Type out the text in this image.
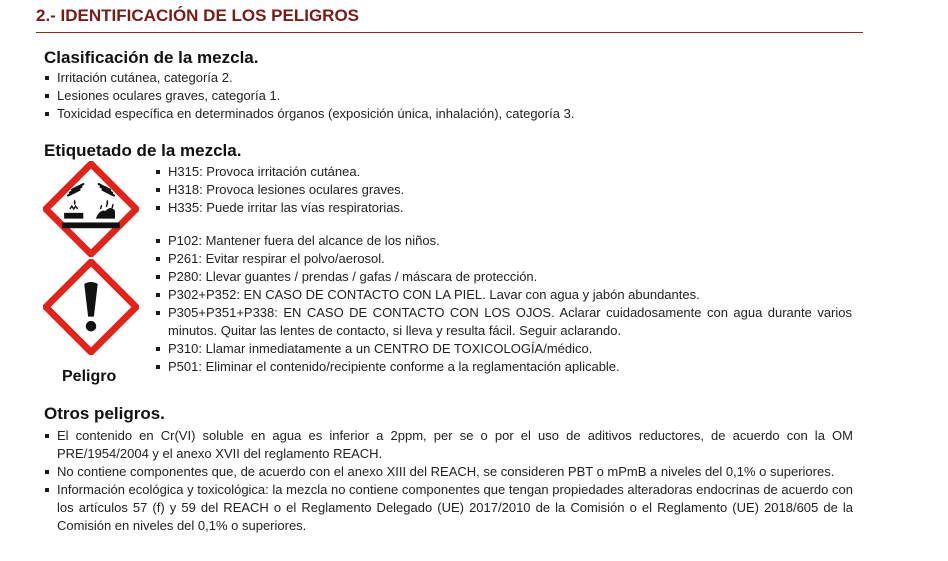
2.- IDENTIFICACIÓN DE LOS PELIGROS
Clasificación de la mezcla.
Irritación cutánea, categoría 2.
Lesiones oculares graves, categoría 1.
Toxicidad específica en determinados órganos (exposición única, inhalación), categoría 3.
Etiquetado de la mezcla.
Peligro
H315: Provoca irritación cutánea.
H318: Provoca lesiones oculares graves.
H335: Puede irritar las vías respiratorias.
P102: Mantener fuera del alcance de los niños.
P261: Evitar respirar el polvo/aerosol.
P280: Llevar guantes / prendas / gafas / máscara de protección.
P302+P352: EN CASO DE CONTACTO CON LA PIEL. Lavar con agua y jabón abundantes.
P305+P351+P338: EN CASO DE CONTACTO CON LOS OJOS. Aclarar cuidadosamente con agua durante varios minutos. Quitar las lentes de contacto, si lleva y resulta fácil. Seguir aclarando.
P310: Llamar inmediatamente a un CENTRO DE TOXICOLOGÍA/médico.
P501: Eliminar el contenido/recipiente conforme a la reglamentación aplicable.
Otros peligros.
El contenido en Cr(VI) soluble en agua es inferior a 2ppm, per se o por el uso de aditivos reductores, de acuerdo con la OM PRE/1954/2004 y el anexo XVII del reglamento REACH.
No contiene componentes que, de acuerdo con el anexo XIII del REACH, se consideren PBT o mPmB a niveles del 0,1% o superiores.
Información ecológica y toxicológica: la mezcla no contiene componentes que tengan propiedades alteradoras endocrinas de acuerdo con los artículos 57 (f) y 59 del REACH o el Reglamento Delegado (UE) 2017/2010 de la Comisión o el Reglamento (UE) 2018/605 de la Comisión en niveles del 0,1% o superiores.
